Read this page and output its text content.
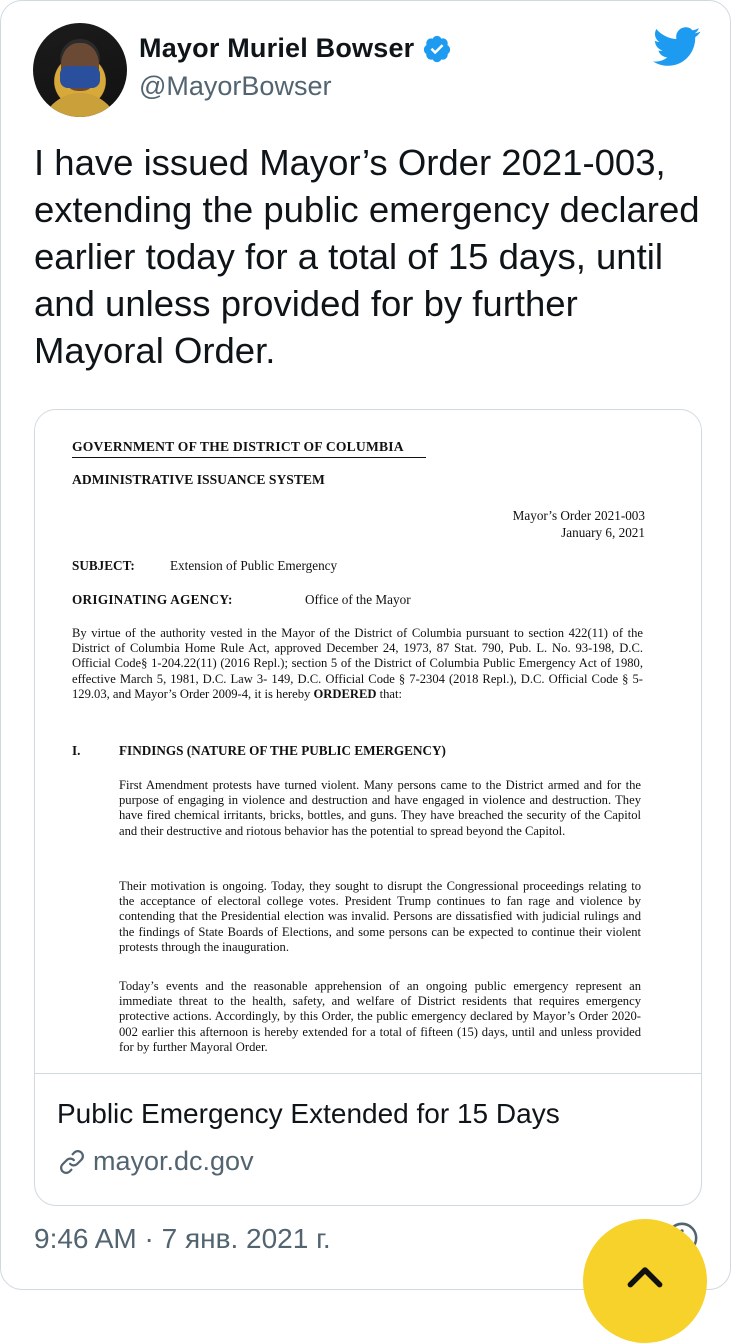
Mayor Muriel Bowser
@MayorBowser
I have issued Mayor’s Order 2021-003, extending the public emergency declared earlier today for a total of 15 days, until and unless provided for by further Mayoral Order.
GOVERNMENT OF THE DISTRICT OF COLUMBIA
ADMINISTRATIVE ISSUANCE SYSTEM
Mayor’s Order 2021-003
January 6, 2021
SUBJECT:	Extension of Public Emergency
ORIGINATING AGENCY:	Office of the Mayor
By virtue of the authority vested in the Mayor of the District of Columbia pursuant to section 422(11) of the District of Columbia Home Rule Act, approved December 24, 1973, 87 Stat. 790, Pub. L. No. 93-198, D.C. Official Code§ 1-204.22(11) (2016 Repl.); section 5 of the District of Columbia Public Emergency Act of 1980, effective March 5, 1981, D.C. Law 3- 149, D.C. Official Code § 7-2304 (2018 Repl.), D.C. Official Code § 5-129.03, and Mayor’s Order 2009-4, it is hereby ORDERED that:
I.	FINDINGS (NATURE OF THE PUBLIC EMERGENCY)
First Amendment protests have turned violent. Many persons came to the District armed and for the purpose of engaging in violence and destruction and have engaged in violence and destruction. They have fired chemical irritants, bricks, bottles, and guns. They have breached the security of the Capitol and their destructive and riotous behavior has the potential to spread beyond the Capitol.
Their motivation is ongoing. Today, they sought to disrupt the Congressional proceedings relating to the acceptance of electoral college votes. President Trump continues to fan rage and violence by contending that the Presidential election was invalid. Persons are dissatisfied with judicial rulings and the findings of State Boards of Elections, and some persons can be expected to continue their violent protests through the inauguration.
Today’s events and the reasonable apprehension of an ongoing public emergency represent an immediate threat to the health, safety, and welfare of District residents that requires emergency protective actions. Accordingly, by this Order, the public emergency declared by Mayor’s Order 2020-002 earlier this afternoon is hereby extended for a total of fifteen (15) days, until and unless provided for by further Mayoral Order.
Public Emergency Extended for 15 Days
mayor.dc.gov
9:46 AM · 7 янв. 2021 г.
